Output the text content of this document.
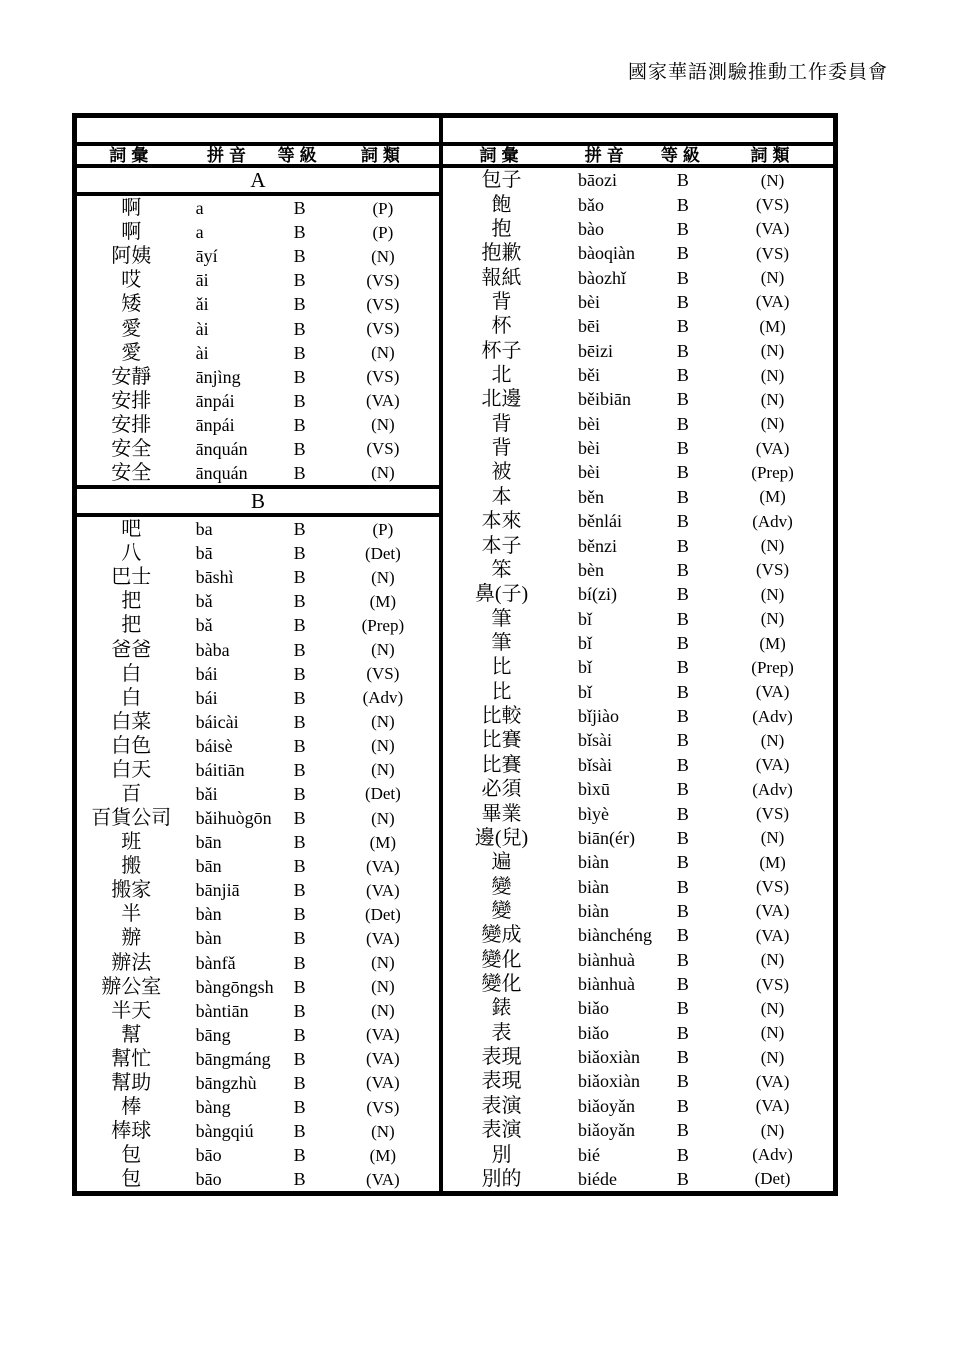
國家華語測驗推動工作委員會
詞彙	拼音	等級	詞類
A
啊	a	B	(P)
啊	a	B	(P)
阿姨	āyí	B	(N)
哎	āi	B	(VS)
矮	ǎi	B	(VS)
愛	ài	B	(VS)
愛	ài	B	(N)
安靜	ānjìng	B	(VS)
安排	ānpái	B	(VA)
安排	ānpái	B	(N)
安全	ānquán	B	(VS)
安全	ānquán	B	(N)
B
吧	ba	B	(P)
八	bā	B	(Det)
巴士	bāshì	B	(N)
把	bǎ	B	(M)
把	bǎ	B	(Prep)
爸爸	bàba	B	(N)
白	bái	B	(VS)
白	bái	B	(Adv)
白菜	báicài	B	(N)
白色	báisè	B	(N)
白天	báitiān	B	(N)
百	bǎi	B	(Det)
百貨公司	bǎihuògōn	B	(N)
班	bān	B	(M)
搬	bān	B	(VA)
搬家	bānjiā	B	(VA)
半	bàn	B	(Det)
辦	bàn	B	(VA)
辦法	bànfǎ	B	(N)
辦公室	bàngōngsh	B	(N)
半天	bàntiān	B	(N)
幫	bāng	B	(VA)
幫忙	bāngmáng	B	(VA)
幫助	bāngzhù	B	(VA)
棒	bàng	B	(VS)
棒球	bàngqiú	B	(N)
包	bāo	B	(M)
包	bāo	B	(VA)
詞彙	拼音	等級	詞類
包子	bāozi	B	(N)
飽	bǎo	B	(VS)
抱	bào	B	(VA)
抱歉	bàoqiàn	B	(VS)
報紙	bàozhǐ	B	(N)
背	bèi	B	(VA)
杯	bēi	B	(M)
杯子	bēizi	B	(N)
北	běi	B	(N)
北邊	běibiān	B	(N)
背	bèi	B	(N)
背	bèi	B	(VA)
被	bèi	B	(Prep)
本	běn	B	(M)
本來	běnlái	B	(Adv)
本子	běnzi	B	(N)
笨	bèn	B	(VS)
鼻(子)	bí(zi)	B	(N)
筆	bǐ	B	(N)
筆	bǐ	B	(M)
比	bǐ	B	(Prep)
比	bǐ	B	(VA)
比較	bǐjiào	B	(Adv)
比賽	bǐsài	B	(N)
比賽	bǐsài	B	(VA)
必須	bìxū	B	(Adv)
畢業	bìyè	B	(VS)
邊(兒)	biān(ér)	B	(N)
遍	biàn	B	(M)
變	biàn	B	(VS)
變	biàn	B	(VA)
變成	biànchéng	B	(VA)
變化	biànhuà	B	(N)
變化	biànhuà	B	(VS)
錶	biǎo	B	(N)
表	biǎo	B	(N)
表現	biǎoxiàn	B	(N)
表現	biǎoxiàn	B	(VA)
表演	biǎoyǎn	B	(VA)
表演	biǎoyǎn	B	(N)
別	bié	B	(Adv)
別的	biéde	B	(Det)
